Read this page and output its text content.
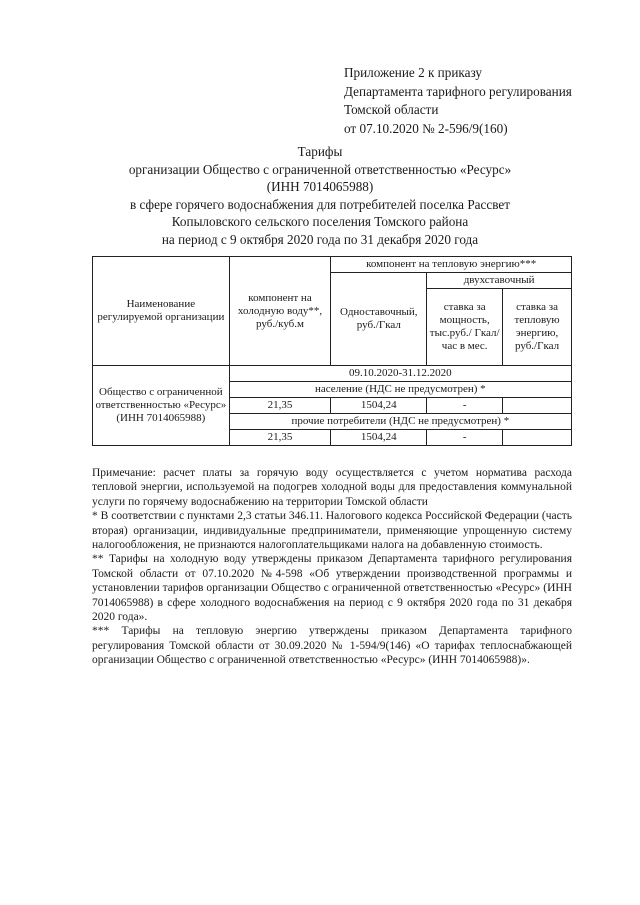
Приложение 2 к приказу
Департамента тарифного регулирования
Томской области
от 07.10.2020 № 2-596/9(160)
Тарифы
организации Общество с ограниченной ответственностью «Ресурс»
(ИНН 7014065988)
в сфере горячего водоснабжения для потребителей поселка Рассвет
Копыловского сельского поселения Томского района
на период с 9 октября 2020 года по 31 декабря 2020 года
Наименование регулируемой организации	компонент на холодную воду**, руб./куб.м	компонент на тепловую энергию***		
		Одноставочный, руб./Гкал	двухставочный	
			ставка за мощность, тыс.руб./ Гкал/час в мес.	ставка за тепловую энергию, руб./Гкал
Общество с ограниченной ответственностью «Ресурс» (ИНН 7014065988)	09.10.2020-31.12.2020			
	население (НДС не предусмотрен) *			
	21,35	1504,24	-	
	прочие потребители (НДС не предусмотрен) *			
	21,35	1504,24	-	

Примечание: расчет платы за горячую воду осуществляется с учетом норматива расхода тепловой энергии, используемой на подогрев холодной воды для предоставления коммунальной услуги по горячему водоснабжению на территории Томской области

* В соответствии с пунктами 2,3 статьи 346.11. Налогового кодекса Российской Федерации (часть вторая) организации, индивидуальные предприниматели, применяющие упрощенную систему налогообложения, не признаются налогоплательщиками налога на добавленную стоимость.

** Тарифы на холодную воду утверждены приказом Департамента тарифного регулирования Томской области от 07.10.2020 №4-598 «Об утверждении производственной программы и установлении тарифов организации Общество с ограниченной ответственностью «Ресурс» (ИНН 7014065988) в сфере холодного водоснабжения на период с 9 октября 2020 года по 31 декабря 2020 года».

*** Тарифы на тепловую энергию утверждены приказом Департамента тарифного регулирования Томской области от 30.09.2020 № 1-594/9(146) «О тарифах теплоснабжающей организации Общество с ограниченной ответственностью «Ресурс» (ИНН 7014065988)».
